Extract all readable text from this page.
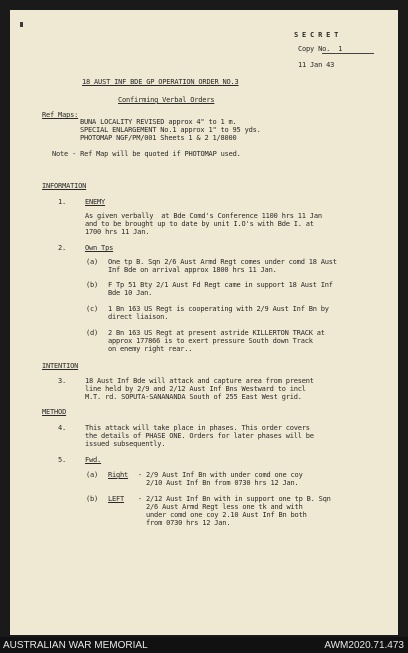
S E C R E T
Copy No.  1
11 Jan 43
18 AUST INF BDE GP OPERATION ORDER NO.3
Confirming Verbal Orders
Ref Maps:
BUNA LOCALITY REVISED approx 4" to 1 m.
SPECIAL ENLARGEMENT No.1 approx 1" to 95 yds.
PHOTOMAP NGF/PM/001 Sheets 1 & 2 1/8000
Note - Ref Map will be quoted if PHOTOMAP used.
INFORMATION
1.	ENEMY
As given verbally  at Bde Comd's Conference 1100 hrs 11 Jan
and to be brought up to date by unit I.O's with Bde I. at
1700 hrs 11 Jan.
2.	Own Tps
(a) One tp B. Sqn 2/6 Aust Armd Regt comes under comd 18 Aust
Inf Bde on arrival approx 1800 hrs 11 Jan.
(b) F Tp 51 Bty 2/1 Aust Fd Regt came in support 18 Aust Inf
Bde 10 Jan.
(c) 1 Bn 163 US Regt is cooperating with 2/9 Aust Inf Bn by
direct liaison.
(d) 2 Bn 163 US Regt at present astride KILLERTON TRACK at
approx 177866 is to exert pressure South down Track
on enemy right rear..
INTENTION
3.	18 Aust Inf Bde will attack and capture area from present
line held by 2/9 and 2/12 Aust Inf Bns Westward to incl
M.T. rd. SOPUTA-SANANANDA South of 255 East West grid.
METHOD
4.	This attack will take place in phases. This order covers
the details of PHASE ONE. Orders for later phases will be
issued subsequently.
5.	Fwd.
(a) Right - 2/9 Aust Inf Bn with under comd one coy
2/10 Aust Inf Bn from 0730 hrs 12 Jan.
(b) LEFT - 2/12 Aust Inf Bn with in support one tp B. Sqn
2/6 Aust Armd Regt less one tk and with
under comd one coy 2.10 Aust Inf Bn both
from 0730 hrs 12 Jan.
AUSTRALIAN WAR MEMORIAL	AWM2020.71.473
